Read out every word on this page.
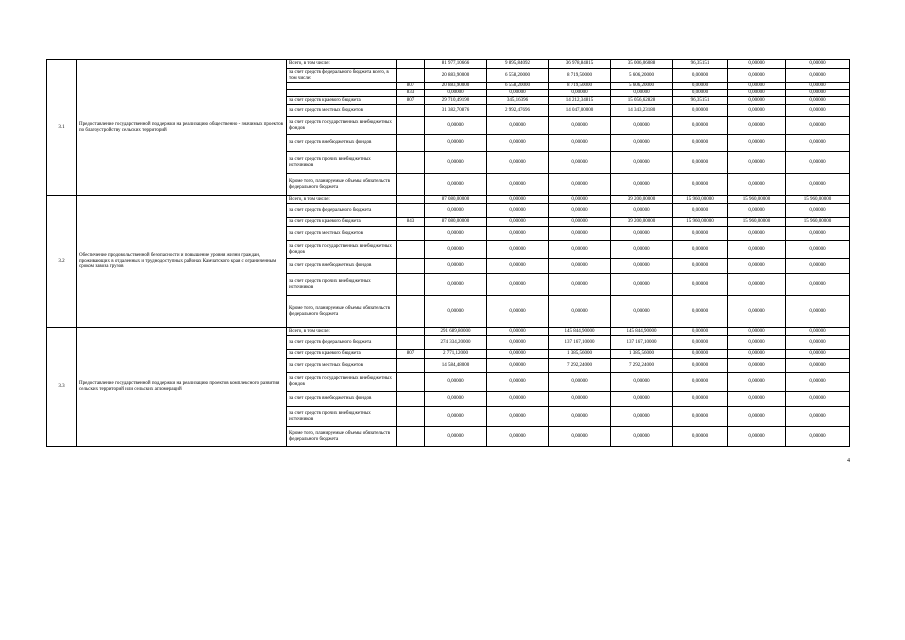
3.1	Предоставление государственной поддержки на реализацию общественно - значимых проектов по благоустройству сельских территорий	Всего, в том числе:		81 977,10666	9 895,84092	36 978,84815	35 006,06088	96,35151	0,00000	0,00000
		за счет средств федерального бюджета всего, в том числе:		20 883,90000	6 558,20000	8 719,50000	5 606,20000	0,00000	0,00000	0,00000
			807	20 883,90000	6 558,20000	8 719,50000	5 606,20000	0,00000	0,00000	0,00000
			833	0,00000	0,00000	0,00000	0,00000	0,00000	0,00000	0,00000
		за счет средств краевого бюджета	807	29 710,49190	345,16396	14 212,34815	15 056,62828	96,35151	0,00000	0,00000
		за счет средств местных бюджетов		31 382,70876	2 992,47696	14 047,00000	14 343,23180	0,00000	0,00000	0,00000
		за счет средств государственных внебюджетных фондов		0,00000	0,00000	0,00000	0,00000	0,00000	0,00000	0,00000
		за счет средств внебюджетных фондов		0,00000	0,00000	0,00000	0,00000	0,00000	0,00000	0,00000
		за счет средств прочих внебюджетных источников		0,00000	0,00000	0,00000	0,00000	0,00000	0,00000	0,00000
		Кроме того, планируемые объемы обязательств федерального бюджета		0,00000	0,00000	0,00000	0,00000	0,00000	0,00000	0,00000
3.2	Обеспечение продовольственной безопасности и повышение уровня жизни граждан, проживающих в отдаленных и труднодоступных районах Камчатского края с ограниченным сроком завоза грузов	Всего, в том числе:		87 080,00000	0,00000	0,00000	39 200,00000	15 960,00000	15 960,00000	15 960,00000
		за счет средств федерального бюджета		0,00000	0,00000	0,00000	0,00000	0,00000	0,00000	0,00000
		за счет средств краевого бюджета	843	87 080,00000	0,00000	0,00000	39 200,00000	15 960,00000	15 960,00000	15 960,00000
		за счет средств местных бюджетов		0,00000	0,00000	0,00000	0,00000	0,00000	0,00000	0,00000
		за счет средств государственных внебюджетных фондов		0,00000	0,00000	0,00000	0,00000	0,00000	0,00000	0,00000
		за счет средств внебюджетных фондов		0,00000	0,00000	0,00000	0,00000	0,00000	0,00000	0,00000
		за счет средств прочих внебюджетных источников		0,00000	0,00000	0,00000	0,00000	0,00000	0,00000	0,00000
		Кроме того, планируемые объемы обязательств федерального бюджета		0,00000	0,00000	0,00000	0,00000	0,00000	0,00000	0,00000
3.3	Предоставление государственной поддержки на реализацию проектов комплексного развития сельских территорий или сельских агломераций	Всего, в том числе:		291 689,80000	0,00000	145 844,90000	145 844,90000	0,00000	0,00000	0,00000
		за счет средств федерального бюджета		274 334,20000	0,00000	137 167,10000	137 167,10000	0,00000	0,00000	0,00000
		за счет средств краевого бюджета	807	2 771,12000	0,00000	1 385,56000	1 385,56000	0,00000	0,00000	0,00000
		за счет средств местных бюджетов		14 584,48000	0,00000	7 292,24000	7 292,24000	0,00000	0,00000	0,00000
		за счет средств государственных внебюджетных фондов		0,00000	0,00000	0,00000	0,00000	0,00000	0,00000	0,00000
		за счет средств внебюджетных фондов		0,00000	0,00000	0,00000	0,00000	0,00000	0,00000	0,00000
		за счет средств прочих внебюджетных источников		0,00000	0,00000	0,00000	0,00000	0,00000	0,00000	0,00000
		Кроме того, планируемые объемы обязательств федерального бюджета		0,00000	0,00000	0,00000	0,00000	0,00000	0,00000	0,00000
4
